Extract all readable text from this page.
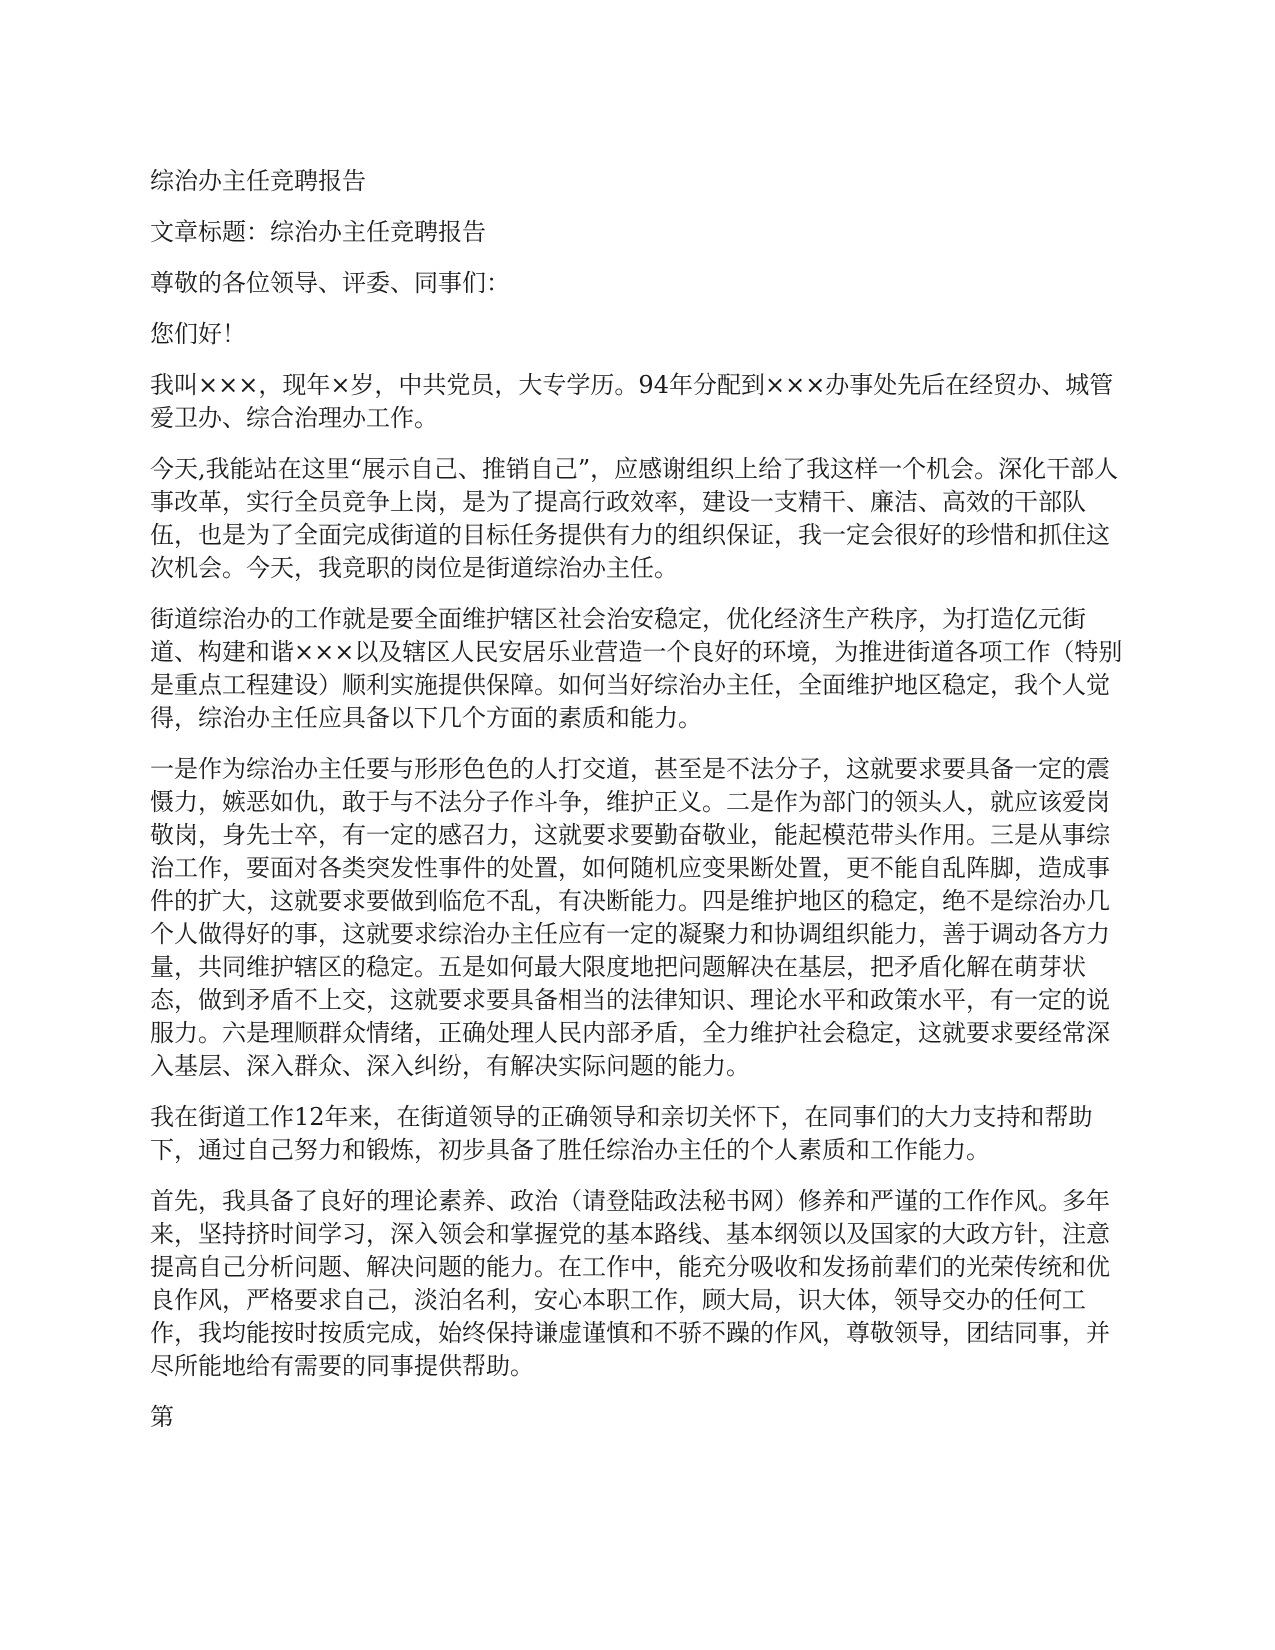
综治办主任竞聘报告

文章标题：综治办主任竞聘报告

尊敬的各位领导、评委、同事们：

您们好！

我叫×××，现年×岁，中共党员，大专学历。94年分配到×××办事处先后在经贸办、城管爱卫办、综合治理办工作。

今天,我能站在这里“展示自己、推销自己”，应感谢组织上给了我这样一个机会。深化干部人事改革，实行全员竞争上岗，是为了提高行政效率，建设一支精干、廉洁、高效的干部队伍，也是为了全面完成街道的目标任务提供有力的组织保证，我一定会很好的珍惜和抓住这次机会。今天，我竞职的岗位是街道综治办主任。

街道综治办的工作就是要全面维护辖区社会治安稳定，优化经济生产秩序，为打造亿元街道、构建和谐×××以及辖区人民安居乐业营造一个良好的环境，为推进街道各项工作（特别是重点工程建设）顺利实施提供保障。如何当好综治办主任，全面维护地区稳定，我个人觉得，综治办主任应具备以下几个方面的素质和能力。

一是作为综治办主任要与形形色色的人打交道，甚至是不法分子，这就要求要具备一定的震慑力，嫉恶如仇，敢于与不法分子作斗争，维护正义。二是作为部门的领头人，就应该爱岗敬岗，身先士卒，有一定的感召力，这就要求要勤奋敬业，能起模范带头作用。三是从事综治工作，要面对各类突发性事件的处置，如何随机应变果断处置，更不能自乱阵脚，造成事件的扩大，这就要求要做到临危不乱，有决断能力。四是维护地区的稳定，绝不是综治办几个人做得好的事，这就要求综治办主任应有一定的凝聚力和协调组织能力，善于调动各方力量，共同维护辖区的稳定。五是如何最大限度地把问题解决在基层，把矛盾化解在萌芽状态，做到矛盾不上交，这就要求要具备相当的法律知识、理论水平和政策水平，有一定的说服力。六是理顺群众情绪，正确处理人民内部矛盾，全力维护社会稳定，这就要求要经常深入基层、深入群众、深入纠纷，有解决实际问题的能力。

我在街道工作12年来，在街道领导的正确领导和亲切关怀下，在同事们的大力支持和帮助下，通过自己努力和锻炼，初步具备了胜任综治办主任的个人素质和工作能力。

首先，我具备了良好的理论素养、政治（请登陆政法秘书网）修养和严谨的工作作风。多年来，坚持挤时间学习，深入领会和掌握党的基本路线、基本纲领以及国家的大政方针，注意提高自己分析问题、解决问题的能力。在工作中，能充分吸收和发扬前辈们的光荣传统和优良作风，严格要求自己，淡泊名利，安心本职工作，顾大局，识大体，领导交办的任何工作，我均能按时按质完成，始终保持谦虚谨慎和不骄不躁的作风，尊敬领导，团结同事，并尽所能地给有需要的同事提供帮助。

第
